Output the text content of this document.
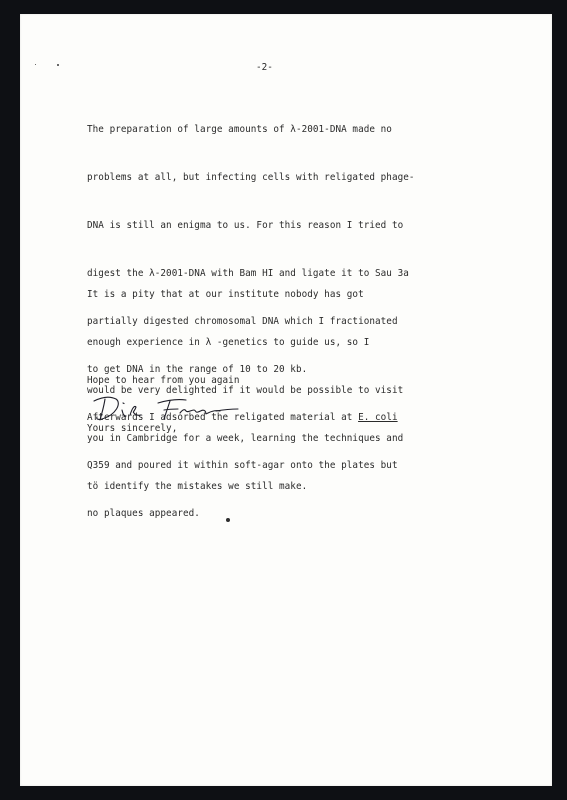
-2-

The preparation of large amounts of λ-2001-DNA made no

problems at all, but infecting cells with religated phage-

DNA is still an enigma to us. For this reason I tried to

digest the λ-2001-DNA with Bam HI and ligate it to Sau 3a

partially digested chromosomal DNA which I fractionated

to get DNA in the range of 10 to 20 kb.

Afterwards I adsorbed the religated material at E. coli

Q359 and poured it within soft-agar onto the plates but

no plaques appeared.

It is a pity that at our institute nobody has got

enough experience in λ -genetics to guide us, so I

would be very delighted if it would be possible to visit

you in Cambridge for a week, learning the techniques and

tö identify the mistakes we still make.

Hope to hear from you again

Yours sincerely,
